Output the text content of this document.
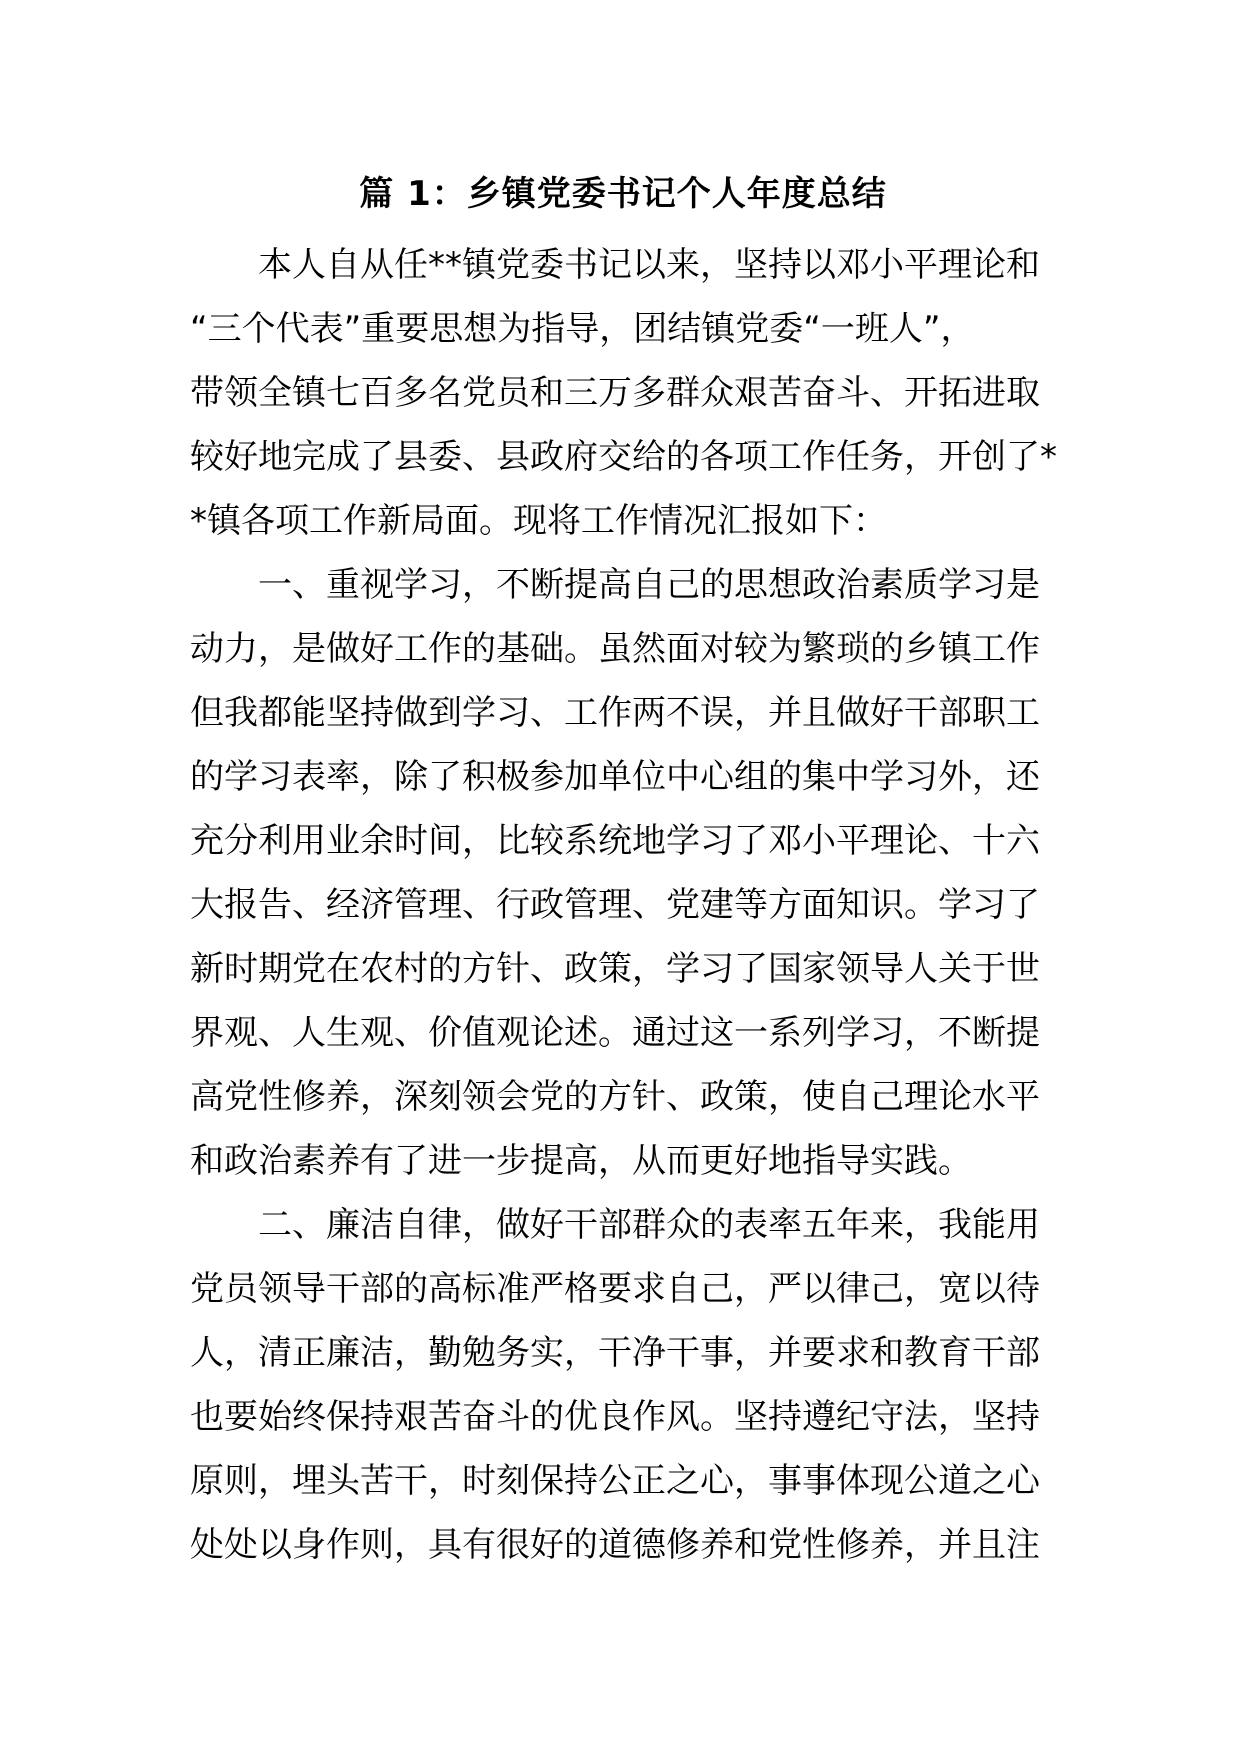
篇 1：乡镇党委书记个人年度总结
　　本人自从任**镇党委书记以来，坚持以邓小平理论和
“三个代表”重要思想为指导，团结镇党委“一班人”，
带领全镇七百多名党员和三万多群众艰苦奋斗、开拓进取
较好地完成了县委、县政府交给的各项工作任务，开创了*
*镇各项工作新局面。现将工作情况汇报如下：
　　一、重视学习，不断提高自己的思想政治素质学习是
动力，是做好工作的基础。虽然面对较为繁琐的乡镇工作
但我都能坚持做到学习、工作两不误，并且做好干部职工
的学习表率，除了积极参加单位中心组的集中学习外，还
充分利用业余时间，比较系统地学习了邓小平理论、十六
大报告、经济管理、行政管理、党建等方面知识。学习了
新时期党在农村的方针、政策，学习了国家领导人关于世
界观、人生观、价值观论述。通过这一系列学习，不断提
高党性修养，深刻领会党的方针、政策，使自己理论水平
和政治素养有了进一步提高，从而更好地指导实践。
　　二、廉洁自律，做好干部群众的表率五年来，我能用
党员领导干部的高标准严格要求自己，严以律己，宽以待
人，清正廉洁，勤勉务实，干净干事，并要求和教育干部
也要始终保持艰苦奋斗的优良作风。坚持遵纪守法，坚持
原则，埋头苦干，时刻保持公正之心，事事体现公道之心
处处以身作则，具有很好的道德修养和党性修养，并且注
